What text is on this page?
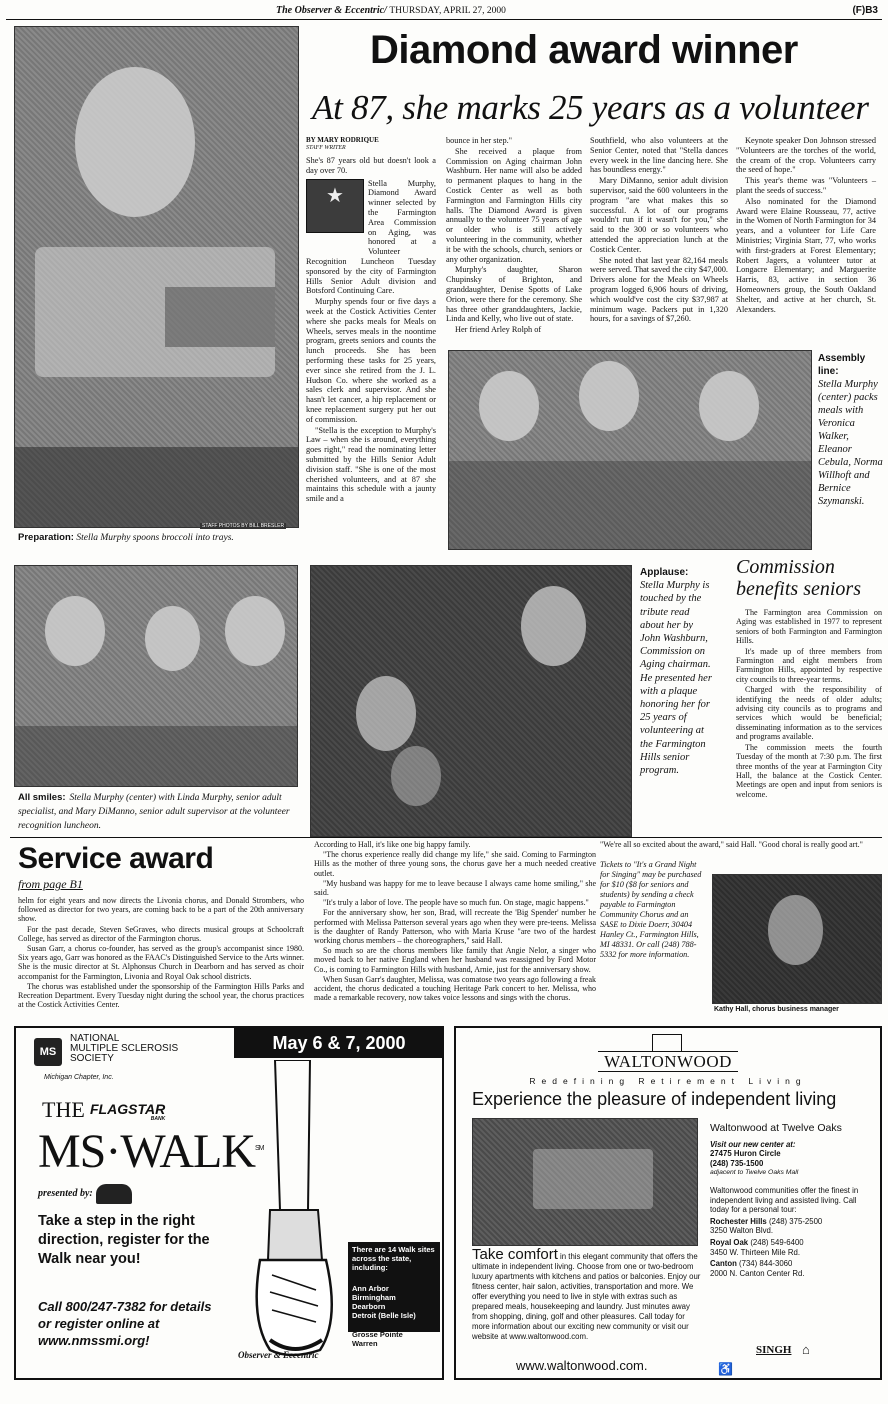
The Observer & Eccentric/ THURSDAY, APRIL 27, 2000	(F)B3
STAFF PHOTOS BY BILL BRESLER
Preparation: Stella Murphy spoons broccoli into trays.
Diamond award winner
At 87, she marks 25 years as a volunteer
BY MARY RODRIQUE
STAFF WRITER

She's 87 years old but doesn't look a day over 70.

★
Stella Murphy, Diamond Award winner selected by the Farmington Area Commission on Aging, was honored at a Volunteer

Recognition Luncheon Tuesday sponsored by the city of Farmington Hills Senior Adult division and Botsford Continuing Care.

Murphy spends four or five days a week at the Costick Activities Center where she packs meals for Meals on Wheels, serves meals in the noontime program, greets seniors and counts the lunch proceeds. She has been performing these tasks for 25 years, ever since she retired from the J. L. Hudson Co. where she worked as a sales clerk and supervisor. And she hasn't let cancer, a hip replacement or knee replacement surgery put her out of commission.

"Stella is the exception to Murphy's Law – when she is around, everything goes right," read the nominating letter submitted by the Hills Senior Adult division staff. "She is one of the most cherished volunteers, and at 87 she maintains this schedule with a jaunty smile and a

bounce in her step."

She received a plaque from Commission on Aging chairman John Washburn. Her name will also be added to permanent plaques to hang in the Costick Center as well as both Farmington and Farmington Hills city halls. The Diamond Award is given annually to the volunteer 75 years of age or older who is still actively volunteering in the community, whether it be with the schools, church, seniors or any other organization.

Murphy's daughter, Sharon Chupinsky of Brighton, and granddaughter, Denise Spotts of Lake Orion, were there for the ceremony. She has three other granddaughters, Jackie, Linda and Kelly, who live out of state.

Her friend Arley Rolph of

Southfield, who also volunteers at the Senior Center, noted that "Stella dances every week in the line dancing here. She has boundless energy."

Mary DiManno, senior adult division supervisor, said the 600 volunteers in the program "are what makes this so successful. A lot of our programs wouldn't run if it wasn't for you," she said to the 300 or so volunteers who attended the appreciation lunch at the Costick Center.

She noted that last year 82,164 meals were served. That saved the city $47,000. Drivers alone for the Meals on Wheels program logged 6,906 hours of driving, which would've cost the city $37,987 at minimum wage. Packers put in 1,320 hours, for a savings of $7,260.

Keynote speaker Don Johnson stressed "Volunteers are the torches of the world, the cream of the crop. Volunteers carry the seed of hope."

This year's theme was "Volunteers – plant the seeds of success."

Also nominated for the Diamond Award were Elaine Rousseau, 77, active in the Women of North Farmington for 34 years, and a volunteer for Life Care Ministries; Virginia Starr, 77, who works with first-graders at Forest Elementary; Robert Jagers, a volunteer tutor at Longacre Elementary; and Marguerite Harris, 83, active in section 36 Homeowners group, the South Oakland Shelter, and active at her church, St. Alexanders.

Assembly line:
Stella Murphy (center) packs meals with Veronica Walker, Eleanor Cebula, Norma Willhoft and Bernice Szymanski.
All smiles: Stella Murphy (center) with Linda Murphy, senior adult specialist, and Mary DiManno, senior adult supervisor at the volunteer recognition luncheon.
Applause:
Stella Murphy is touched by the tribute read about her by John Washburn, Commission on Aging chairman. He presented her with a plaque honoring her for 25 years of volunteering at the Farmington Hills senior program.
Commission benefits seniors

The Farmington area Commission on Aging was established in 1977 to represent seniors of both Farmington and Farmington Hills.

It's made up of three members from Farmington and eight members from Farmington Hills, appointed by respective city councils to three-year terms.

Charged with the responsibility of identifying the needs of older adults; advising city councils as to programs and services which would be beneficial; disseminating information as to the services and programs available.

The commission meets the fourth Tuesday of the month at 7:30 p.m. The first three months of the year at Farmington City Hall, the balance at the Costick Center. Meetings are open and input from seniors is welcome.

Service award
from page B1

helm for eight years and now directs the Livonia chorus, and Donald Strombers, who followed as director for two years, are coming back to be a part of the 20th anniversary show.

For the past decade, Steven SeGraves, who directs musical groups at Schoolcraft College, has served as director of the Farmington chorus.

Susan Garr, a chorus co-founder, has served as the group's accompanist since 1980. Six years ago, Garr was honored as the FAAC's Distinguished Service to the Arts winner. She is the music director at St. Alphonsus Church in Dearborn and has served as choir accompanist for the Farmington, Livonia and Royal Oak school districts.

The chorus was established under the sponsorship of the Farmington Hills Parks and Recreation Department. Every Tuesday night during the school year, the chorus practices at the Costick Activities Center.

According to Hall, it's like one big happy family.

"The chorus experience really did change my life," she said. Coming to Farmington Hills as the mother of three young sons, the chorus gave her a much needed creative outlet.

"My husband was happy for me to leave because I always came home smiling," she said.

"It's truly a labor of love. The people have so much fun. On stage, magic happens."

For the anniversary show, her son, Brad, will recreate the 'Big Spender' number he performed with Melissa Patterson several years ago when they were pre-teens. Melissa is the daughter of Randy Patterson, who with Maria Kruse "are two of the hardest working chorus members – the choreographers," said Hall.

So much so are the chorus members like family that Angie Nelor, a singer who moved back to her native England when her husband was reassigned by Ford Motor Co., is coming to Farmington Hills with husband, Arnie, just for the anniversary show.

When Susan Garr's daughter, Melissa, was comatose two years ago following a freak accident, the chorus dedicated a touching Heritage Park concert to her. Melissa, who made a remarkable recovery, now takes voice lessons and sings with the chorus.

"We're all so excited about the award," said Hall. "Good choral is really good art."
Tickets to "It's a Grand Night for Singing" may be purchased for $10 ($8 for seniors and students) by sending a check payable to Farmington Community Chorus and an SASE to Dixie Doerr, 30404 Hanley Ct., Farmington Hills, MI 48331. Or call (248) 788-5332 for more information.
Kathy Hall, chorus business manager
MS
NATIONAL
MULTIPLE SCLEROSIS
SOCIETY
Michigan Chapter, Inc.
THE FLAGSTAR
BANK
MS·WALK℠
presented by:
Take a step in the right direction, register for the Walk near you!
Call 800/247-7382 for details or register online at www.nmssmi.org!
May 6 & 7, 2000
There are 14 Walk sites across the state, including:
Ann Arbor
Birmingham
Dearborn
Detroit (Belle Isle)
Grosse Pointe
Warren
Observer & Eccentric
WALTONWOOD
Redefining Retirement Living
Experience the pleasure of independent living
Take comfort in this elegant community that offers the ultimate in independent living. Choose from one or two-bedroom luxury apartments with kitchens and patios or balconies. Enjoy our fitness center, hair salon, activities, transportation and more. We offer everything you need to live in style with extras such as prepared meals, housekeeping and laundry. Just minutes away from shopping, dining, golf and other pleasures. Call today for more information about our exciting new community or visit our website at www.waltonwood.com.
www.waltonwood.com.
Waltonwood at Twelve Oaks
Visit our new center at:
27475 Huron Circle
(248) 735-1500
adjacent to Twelve Oaks Mall
Waltonwood communities offer the finest in independent living and assisted living. Call today for a personal tour:
Rochester Hills (248) 375-2500
3250 Walton Blvd.
Royal Oak (248) 549-6400
3450 W. Thirteen Mile Rd.
Canton (734) 844-3060
2000 N. Canton Center Rd.
SINGH ⌂
♿
